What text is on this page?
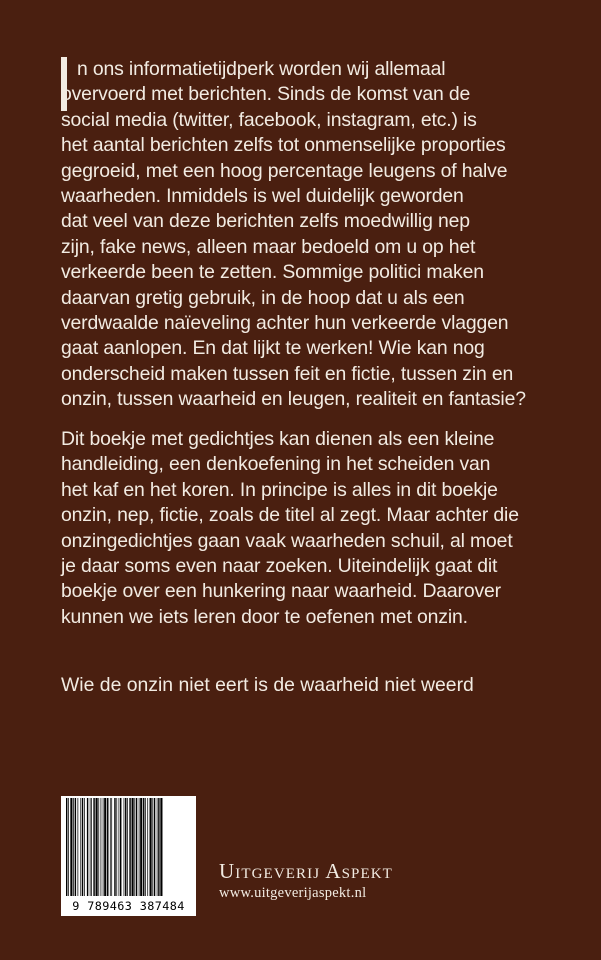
n ons informatietijdperk worden wij allemaal
overvoerd met berichten. Sinds de komst van de
social media (twitter, facebook, instagram, etc.) is
het aantal berichten zelfs tot onmenselijke proporties
gegroeid, met een hoog percentage leugens of halve
waarheden. Inmiddels is wel duidelijk geworden
dat veel van deze berichten zelfs moedwillig nep
zijn, fake news, alleen maar bedoeld om u op het
verkeerde been te zetten. Sommige politici maken
daarvan gretig gebruik, in de hoop dat u als een
verdwaalde naïeveling achter hun verkeerde vlaggen
gaat aanlopen. En dat lijkt te werken! Wie kan nog
onderscheid maken tussen feit en fictie, tussen zin en
onzin, tussen waarheid en leugen, realiteit en fantasie?
Dit boekje met gedichtjes kan dienen als een kleine
handleiding, een denkoefening in het scheiden van
het kaf en het koren. In principe is alles in dit boekje
onzin, nep, fictie, zoals de titel al zegt. Maar achter die
onzingedichtjes gaan vaak waarheden schuil, al moet
je daar soms even naar zoeken. Uiteindelijk gaat dit
boekje over een hunkering naar waarheid. Daarover
kunnen we iets leren door te oefenen met onzin.

Wie de onzin niet eert is de waarheid niet weerd

9 789463 387484

Uitgeverij Aspekt

www.uitgeverijaspekt.nl
